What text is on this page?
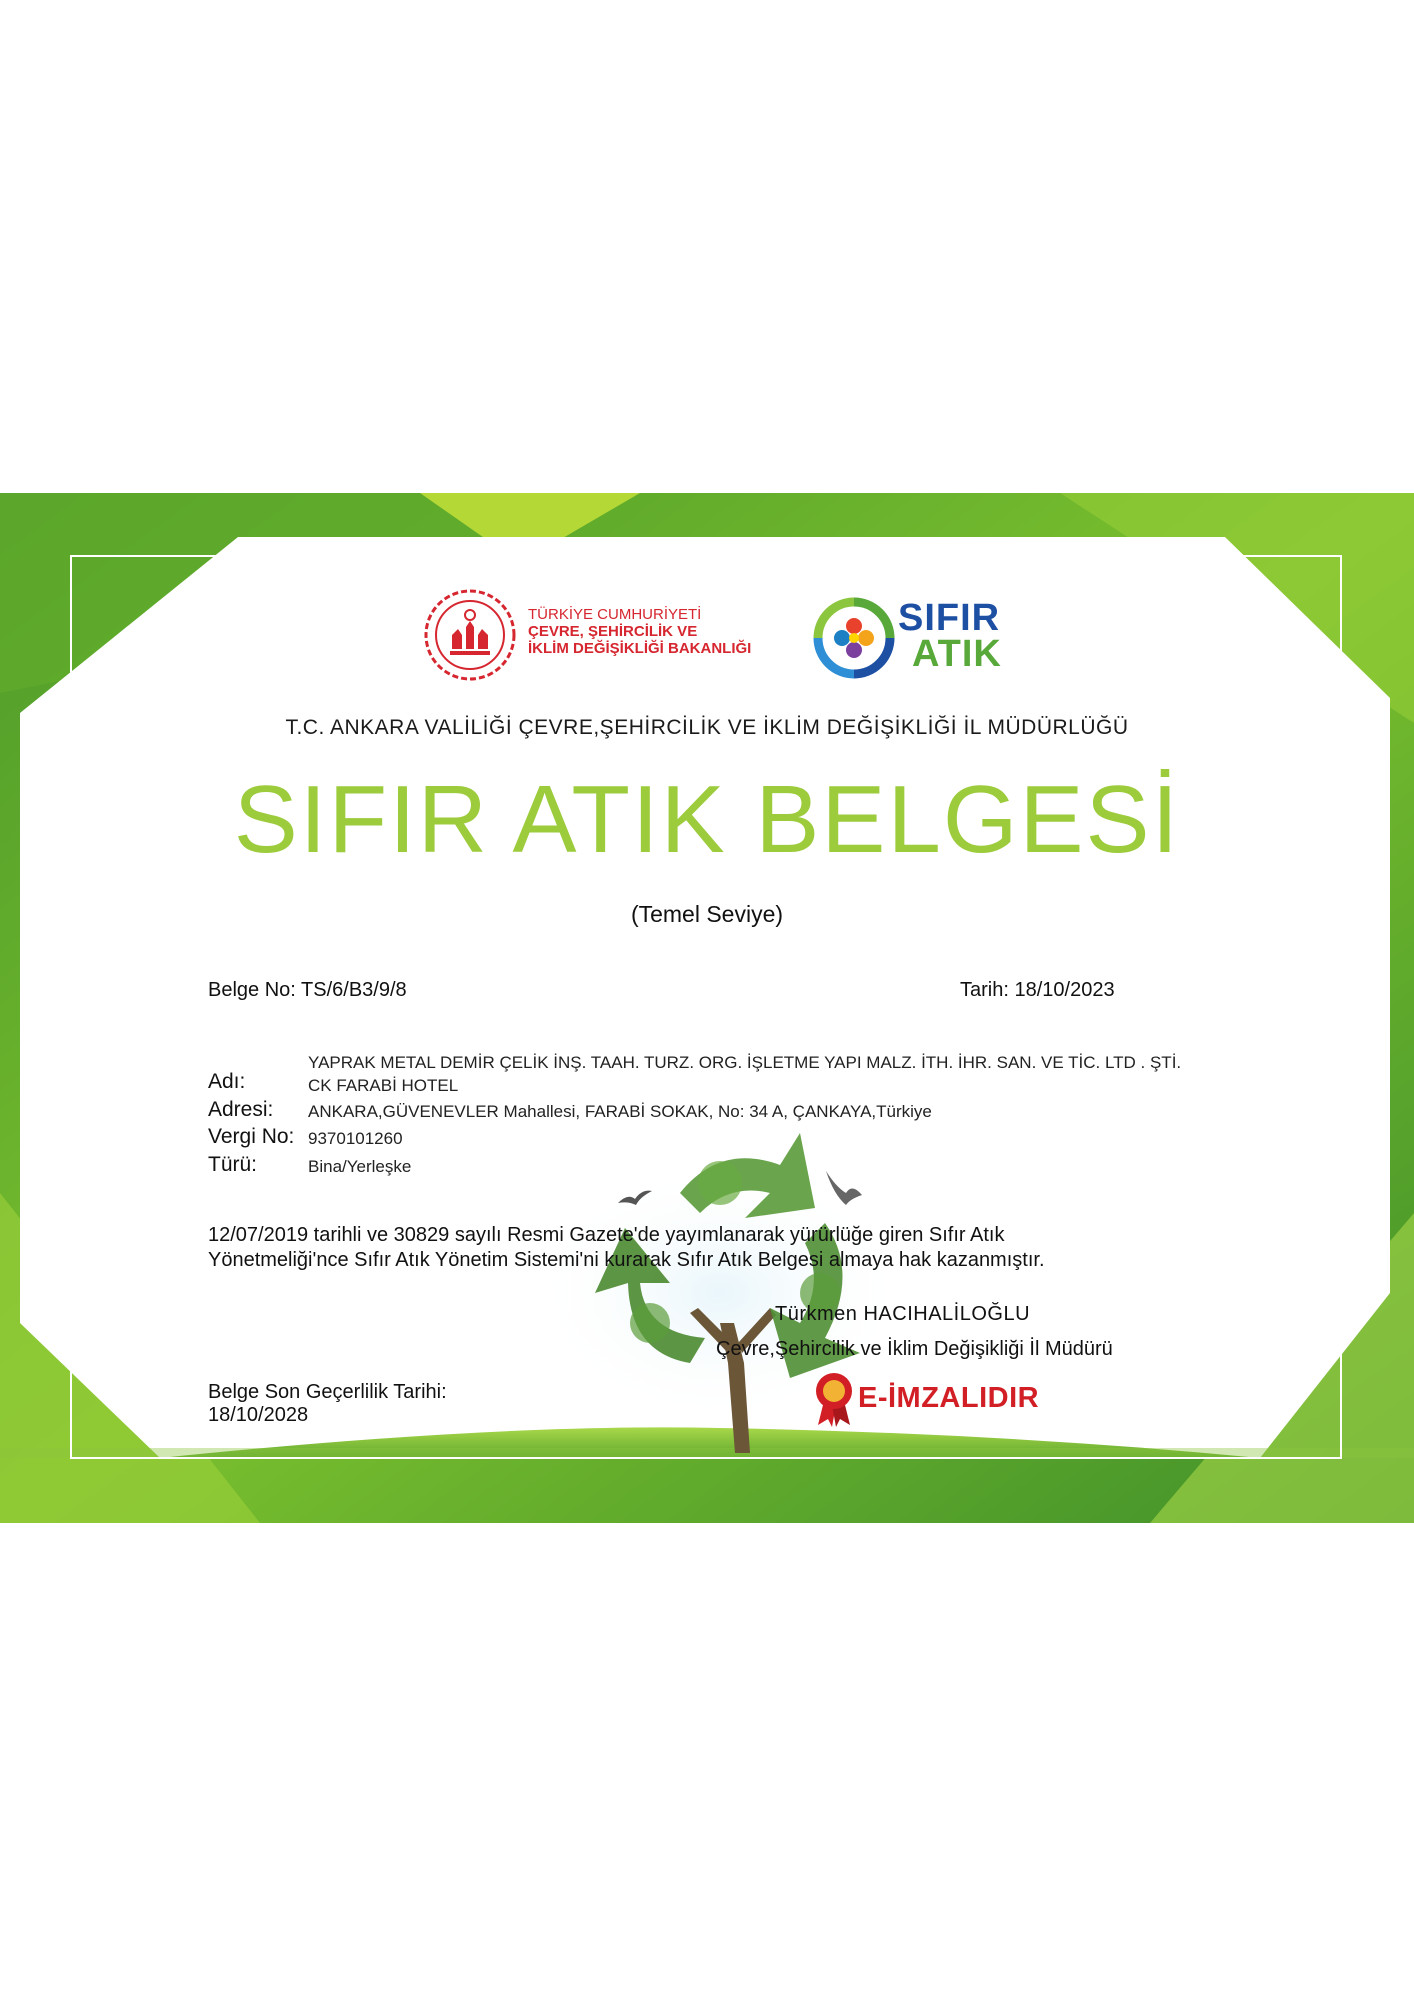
TÜRKİYE CUMHURİYETİ
ÇEVRE, ŞEHİRCİLİK VE
İKLİM DEĞİŞİKLİĞİ BAKANLIĞI
SIFIR
ATIK
T.C. ANKARA VALİLİĞİ ÇEVRE,ŞEHİRCİLİK VE İKLİM DEĞİŞİKLİĞİ İL MÜDÜRLÜĞÜ
SIFIR ATIK BELGESİ
(Temel Seviye)
Belge No: TS/6/B3/9/8	Tarih: 18/10/2023
Adı:
YAPRAK METAL DEMİR ÇELİK İNŞ. TAAH. TURZ. ORG. İŞLETME YAPI MALZ. İTH. İHR. SAN. VE TİC. LTD . ŞTİ. CK FARABİ HOTEL
Adresi: ANKARA,GÜVENEVLER Mahallesi, FARABİ SOKAK, No: 34 A, ÇANKAYA,Türkiye
Vergi No: 9370101260
Türü:	Bina/Yerleşke
12/07/2019 tarihli ve 30829 sayılı Resmi Gazete'de yayımlanarak yürürlüğe giren Sıfır Atık Yönetmeliği'nce Sıfır Atık Yönetim Sistemi'ni kurarak Sıfır Atık Belgesi almaya hak kazanmıştır.
Türkmen HACIHALİLOĞLU
Çevre,Şehircilik ve İklim Değişikliği İl Müdürü
Belge Son Geçerlilik Tarihi:
18/10/2028
E-İMZALIDIR
